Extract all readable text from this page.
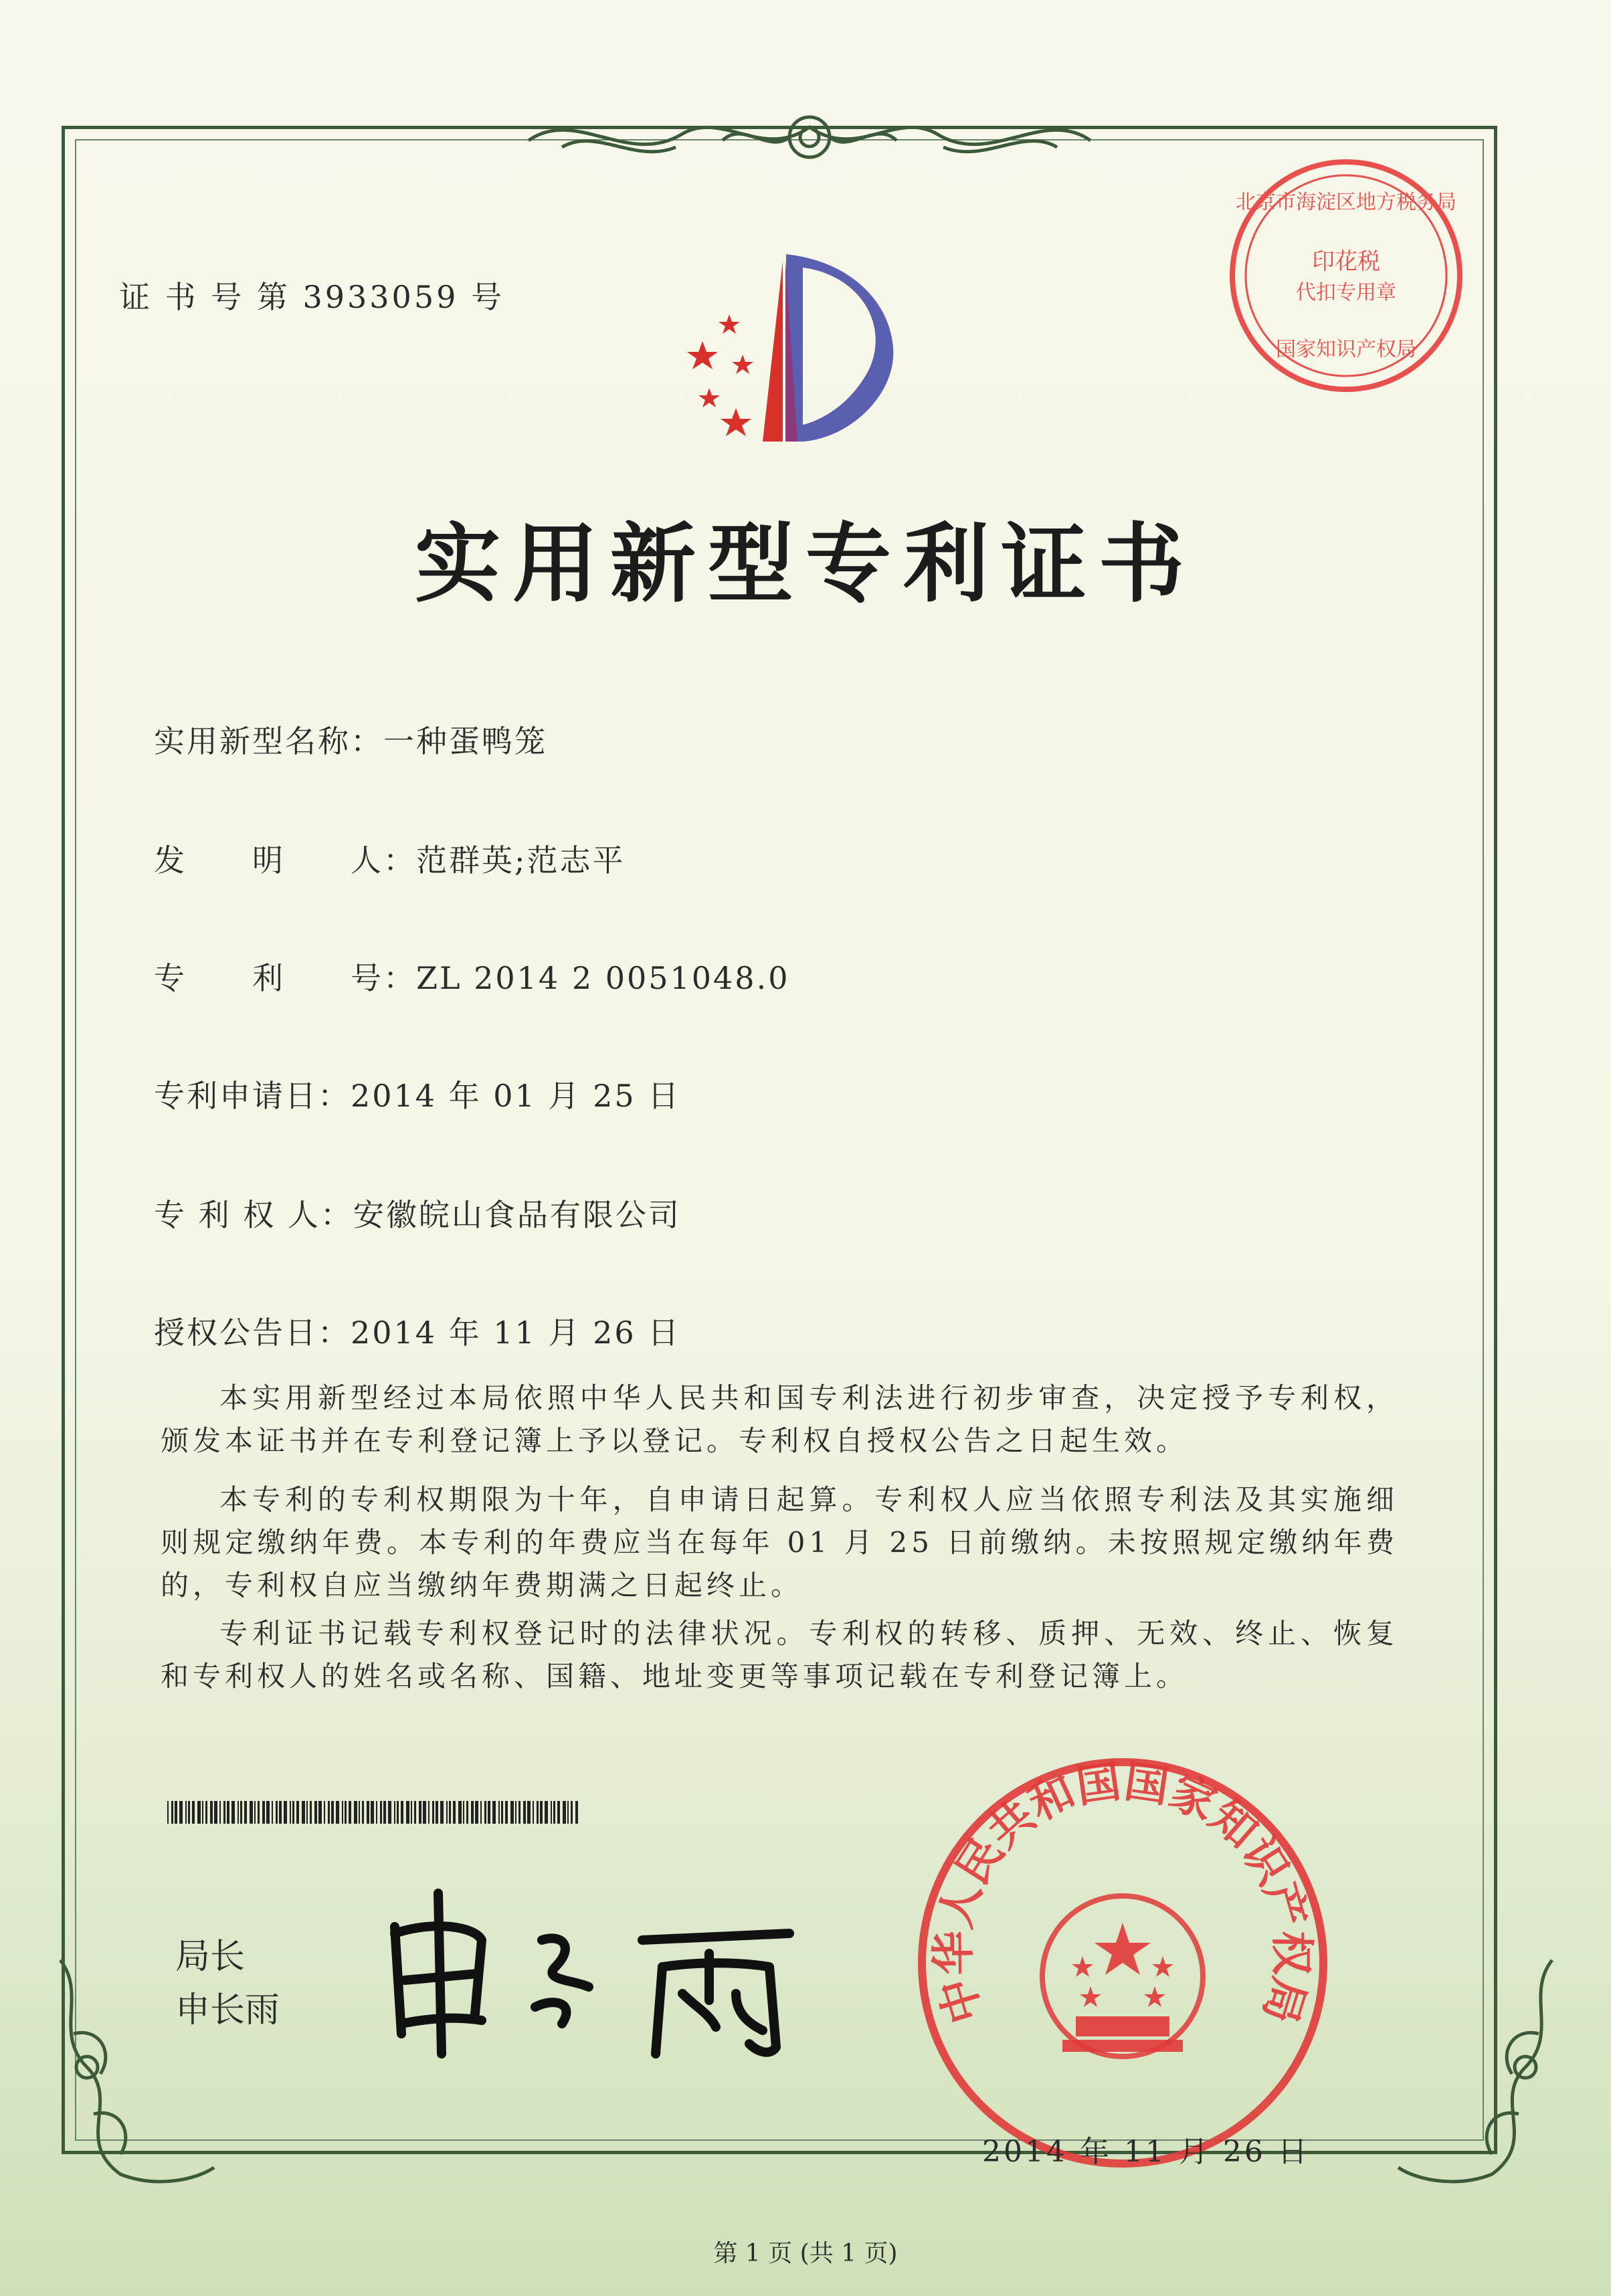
证 书 号 第 3933059 号
北京市海淀区地方税务局
印花税
代扣专用章
国家知识产权局
实用新型专利证书
实用新型名称：一种蛋鸭笼
发　　明　　人：范群英;范志平
专　　利　　号：ZL 2014 2 0051048.0
专利申请日：2014 年 01 月 25 日
专 利 权 人：安徽皖山食品有限公司
授权公告日：2014 年 11 月 26 日
本实用新型经过本局依照中华人民共和国专利法进行初步审查，决定授予专利权，颁发本证书并在专利登记簿上予以登记。专利权自授权公告之日起生效。
本专利的专利权期限为十年，自申请日起算。专利权人应当依照专利法及其实施细则规定缴纳年费。本专利的年费应当在每年 01 月 25 日前缴纳。未按照规定缴纳年费的，专利权自应当缴纳年费期满之日起终止。
专利证书记载专利权登记时的法律状况。专利权的转移、质押、无效、终止、恢复和专利权人的姓名或名称、国籍、地址变更等事项记载在专利登记簿上。
局长
申长雨	中华人民共和国国家知识产权局
2014 年 11 月 26 日
第 1 页 (共 1 页)
